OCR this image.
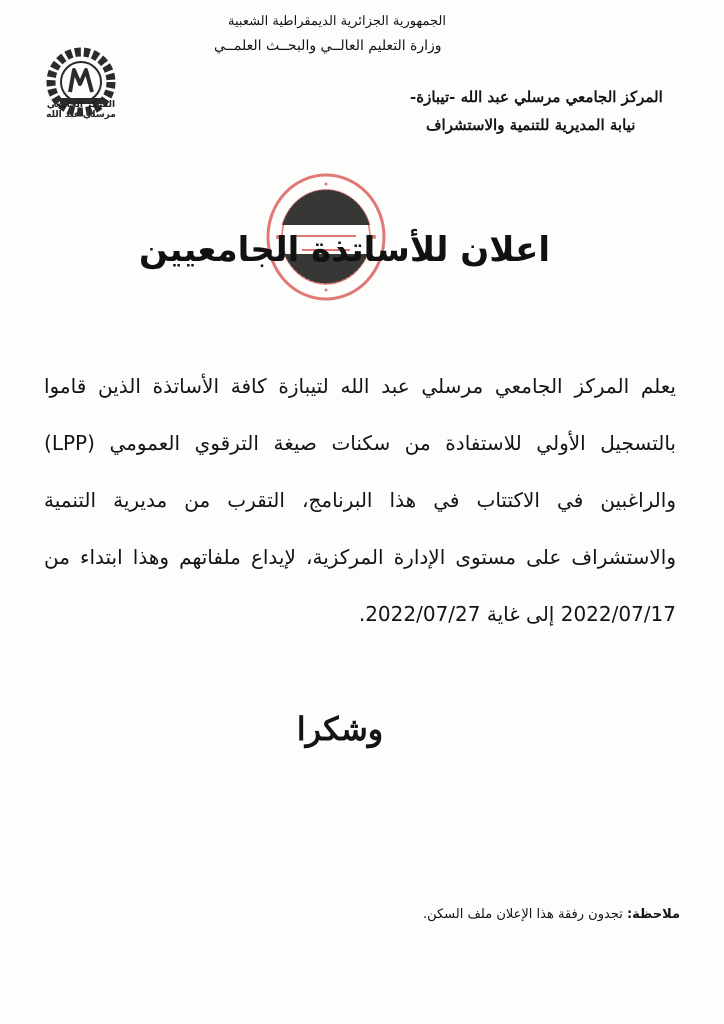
الجمهورية الجزائرية الديمقراطية الشعبية
وزارة التعليم العالــي والبحــث العلمــي
المركز الجامعي مرسلي عبد الله -تيبازة-
نيابة المديرية للتنمية والاستشراف
المركز الجامعي
مرسلي عبد الله
اعلان للأساتذة الجامعيين
يعلم المركز الجامعي مرسلي عبد الله لتيبازة كافة الأساتذة الذين قاموا بالتسجيل الأولي للاستفادة من سكنات صيغة الترقوي العمومي (LPP) والراغبين في الاكتتاب في هذا البرنامج، التقرب من مديرية التنمية والاستشراف على مستوى الإدارة المركزية، لإيداع ملفاتهم وهذا ابتداء من 2022/07/17 إلى غاية 2022/07/27.
وشكرا
ملاحظة: تجدون رفقة هذا الإعلان ملف السكن.
